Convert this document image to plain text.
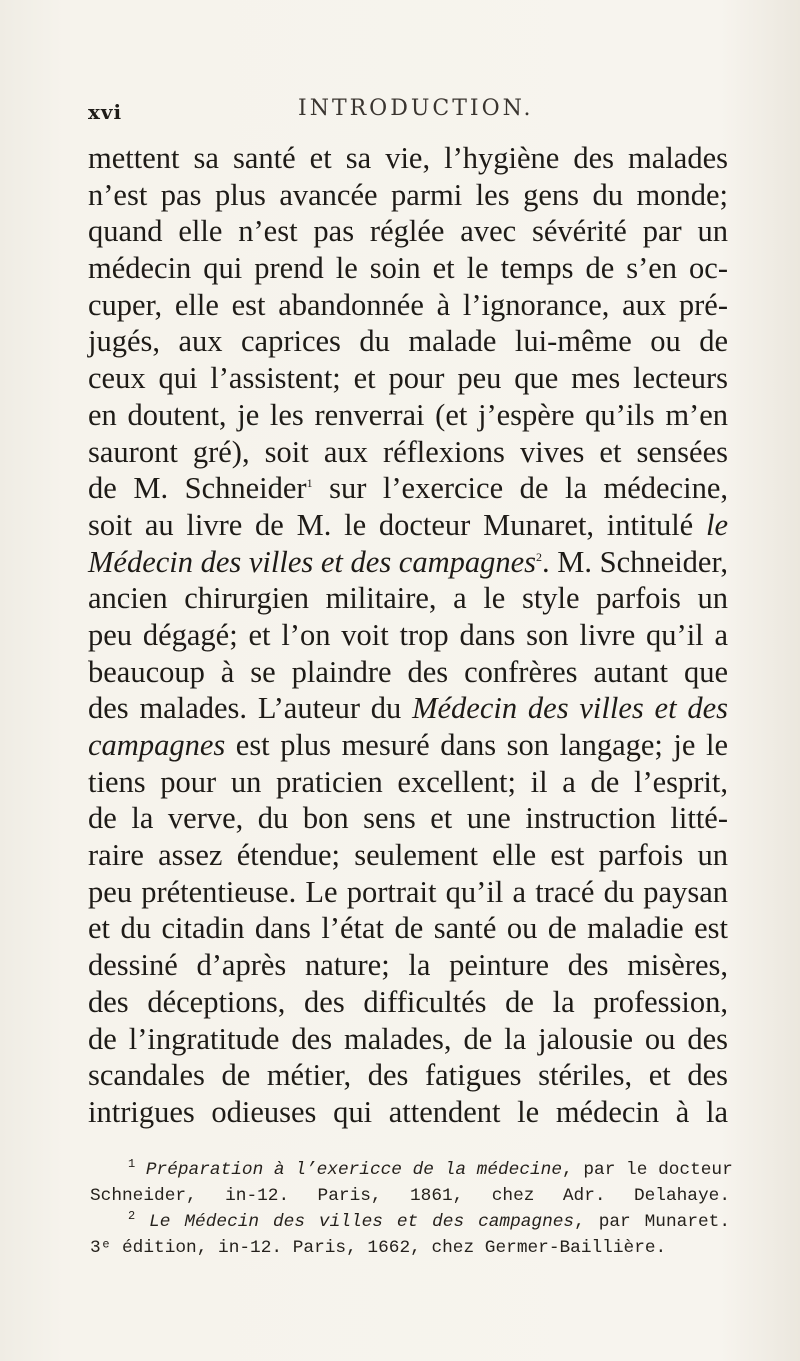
xvi	INTRODUCTION.
mettent sa santé et sa vie, l’hygiène des malades
n’est pas plus avancée parmi les gens du monde;
quand elle n’est pas réglée avec sévérité par un
médecin qui prend le soin et le temps de s’en oc-
cuper, elle est abandonnée à l’ignorance, aux pré-
jugés, aux caprices du malade lui-même ou de
ceux qui l’assistent; et pour peu que mes lecteurs
en doutent, je les renverrai (et j’espère qu’ils m’en
sauront gré), soit aux réflexions vives et sensées
de M. Schneider$^1$ sur l’exercice de la médecine,
soit au livre de M. le docteur Munaret, intitulé le
Médecin des villes et des campagnes$^2$. M. Schneider,
ancien chirurgien militaire, a le style parfois un
peu dégagé; et l’on voit trop dans son livre qu’il a
beaucoup à se plaindre des confrères autant que
des malades. L’auteur du Médecin des villes et des
campagnes est plus mesuré dans son langage; je le
tiens pour un praticien excellent; il a de l’esprit,
de la verve, du bon sens et une instruction litté-
raire assez étendue; seulement elle est parfois un
peu prétentieuse. Le portrait qu’il a tracé du paysan
et du citadin dans l’état de santé ou de maladie est
dessiné d’après nature; la peinture des misères,
des déceptions, des difficultés de la profession,
de l’ingratitude des malades, de la jalousie ou des
scandales de métier, des fatigues stériles, et des
intrigues odieuses qui attendent le médecin à la
$^1$ Préparation à l’exericce de la médecine, par le docteur
Schneider, in-12. Paris, 1861, chez Adr. Delahaye.
$^2$ Le Médecin des villes et des campagnes, par Munaret.
3ᵉ édition, in-12. Paris, 1662, chez Germer-Baillière.
